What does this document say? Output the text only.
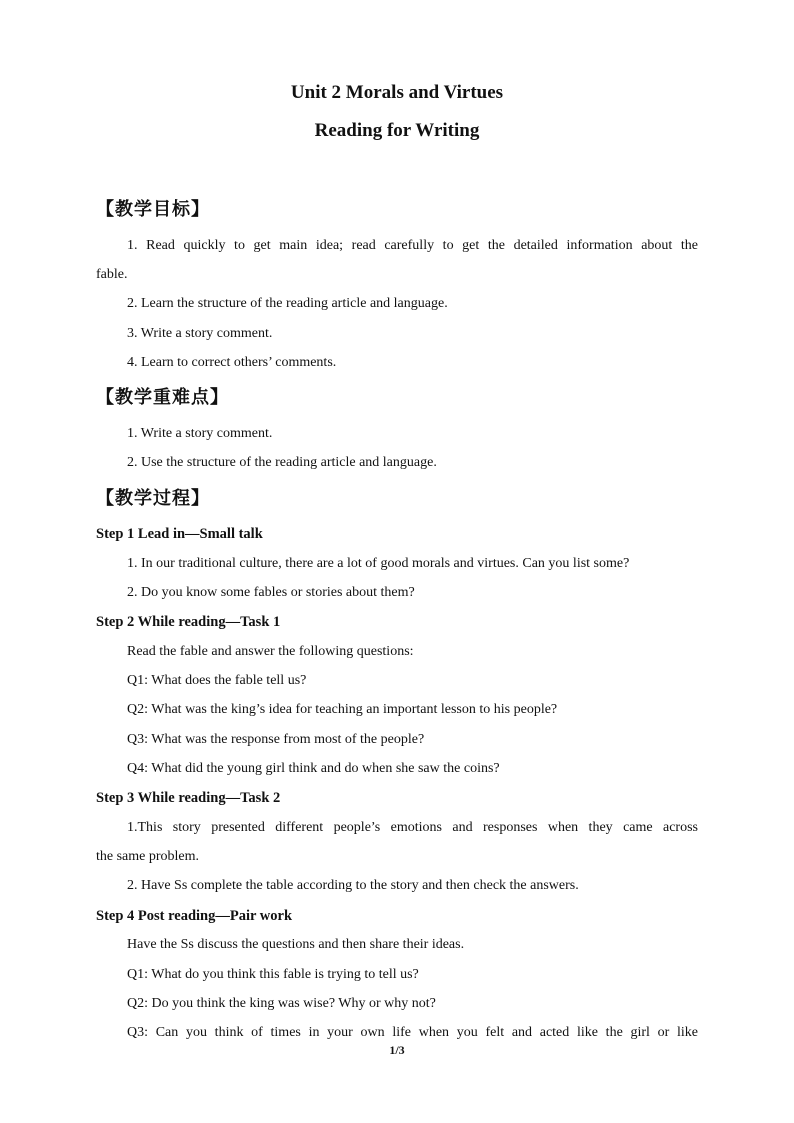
Unit 2 Morals and Virtues
Reading for Writing
【教学目标】
1. Read quickly to get main idea; read carefully to get the detailed information about the
fable.
2. Learn the structure of the reading article and language.
3. Write a story comment.
4. Learn to correct others’ comments.
【教学重难点】
1. Write a story comment.
2. Use the structure of the reading article and language.
【教学过程】
Step 1 Lead in—Small talk
1. In our traditional culture, there are a lot of good morals and virtues. Can you list some?
2. Do you know some fables or stories about them?
Step 2 While reading—Task 1
Read the fable and answer the following questions:
Q1: What does the fable tell us?
Q2: What was the king’s idea for teaching an important lesson to his people?
Q3: What was the response from most of the people?
Q4: What did the young girl think and do when she saw the coins?
Step 3 While reading—Task 2
1.This story presented different people’s emotions and responses when they came across
the same problem.
2. Have Ss complete the table according to the story and then check the answers.
Step 4 Post reading—Pair work
Have the Ss discuss the questions and then share their ideas.
Q1: What do you think this fable is trying to tell us?
Q2: Do you think the king was wise? Why or why not?
Q3: Can you think of times in your own life when you felt and acted like the girl or like
1/3
